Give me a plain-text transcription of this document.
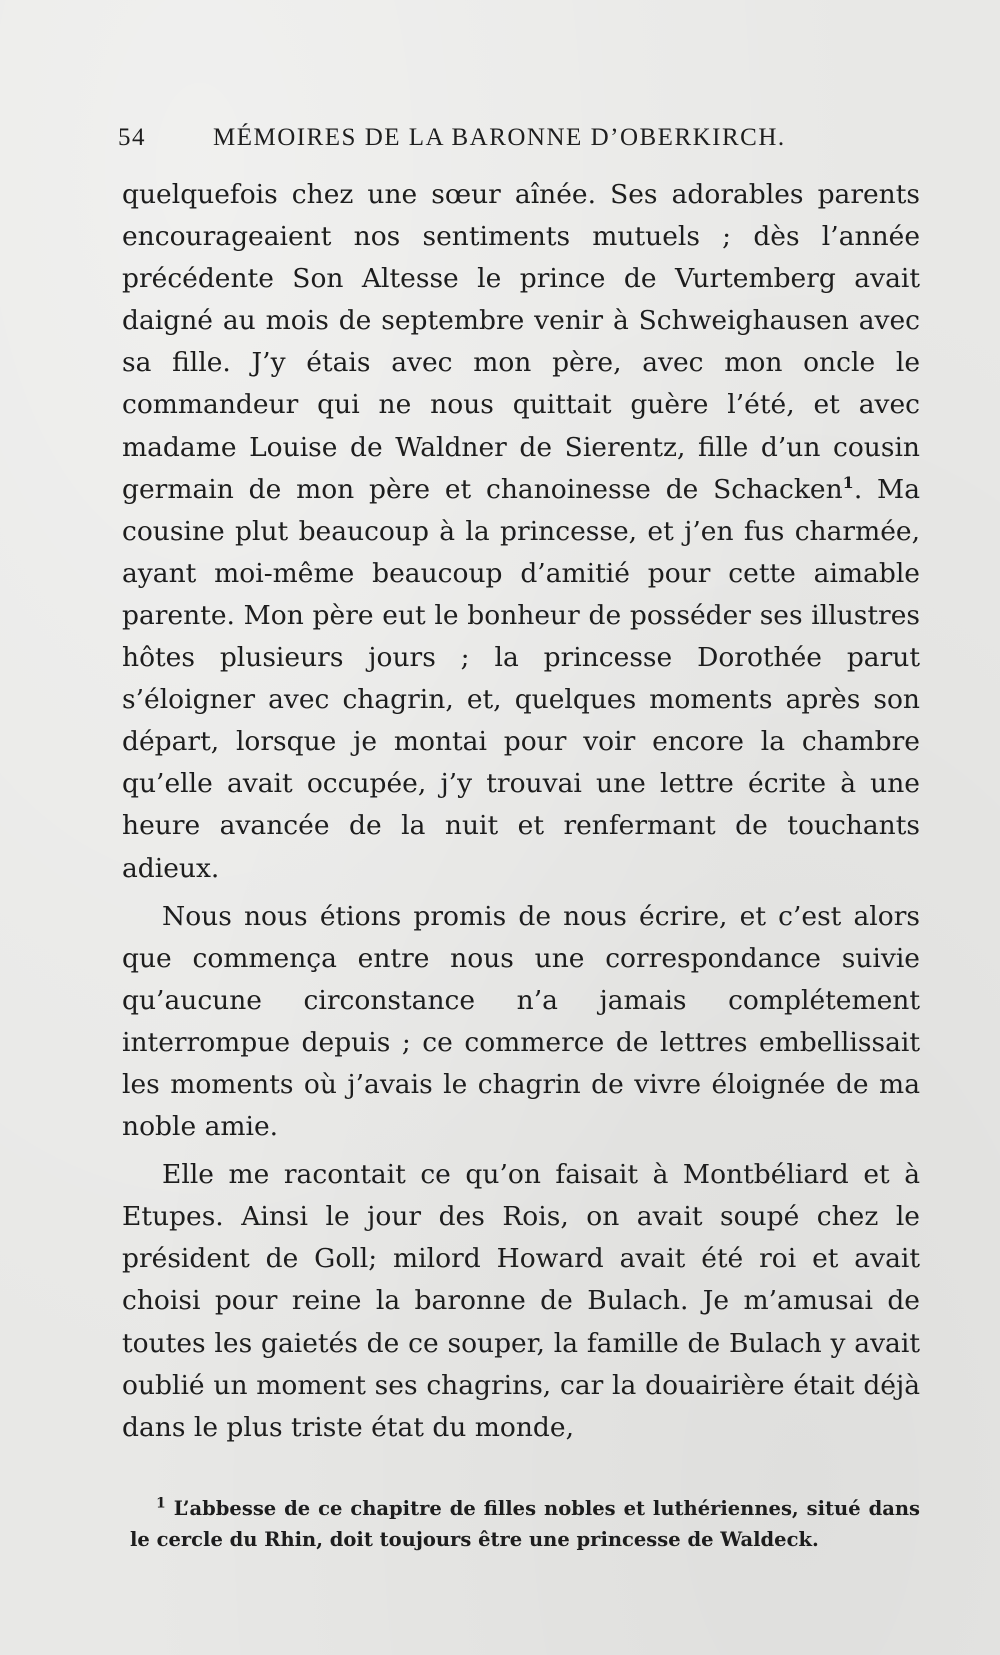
54	MÉMOIRES DE LA BARONNE D’OBERKIRCH.

quelquefois chez une sœur aînée. Ses adorables parents encourageaient nos sentiments mutuels ; dès l’année précédente Son Altesse le prince de Vurtemberg avait daigné au mois de septembre venir à Schweighausen avec sa fille. J’y étais avec mon père, avec mon oncle le commandeur qui ne nous quittait guère l’été, et avec madame Louise de Waldner de Sierentz, fille d’un cousin germain de mon père et chanoinesse de Schacken$^1$. Ma cousine plut beaucoup à la princesse, et j’en fus charmée, ayant moi-même beaucoup d’amitié pour cette aimable parente. Mon père eut le bonheur de posséder ses illustres hôtes plusieurs jours ; la princesse Dorothée parut s’éloigner avec chagrin, et, quelques moments après son départ, lorsque je montai pour voir encore la chambre qu’elle avait occupée, j’y trouvai une lettre écrite à une heure avancée de la nuit et renfermant de touchants adieux.

Nous nous étions promis de nous écrire, et c’est alors que commença entre nous une correspondance suivie qu’aucune circonstance n’a jamais complétement interrompue depuis ; ce commerce de lettres embellissait les moments où j’avais le chagrin de vivre éloignée de ma noble amie.

Elle me racontait ce qu’on faisait à Montbéliard et à Etupes. Ainsi le jour des Rois, on avait soupé chez le président de Goll; milord Howard avait été roi et avait choisi pour reine la baronne de Bulach. Je m’amusai de toutes les gaietés de ce souper, la famille de Bulach y avait oublié un moment ses chagrins, car la douairière était déjà dans le plus triste état du monde,

$^1$ L’abbesse de ce chapitre de filles nobles et luthériennes, situé dans le cercle du Rhin, doit toujours être une princesse de Waldeck.
